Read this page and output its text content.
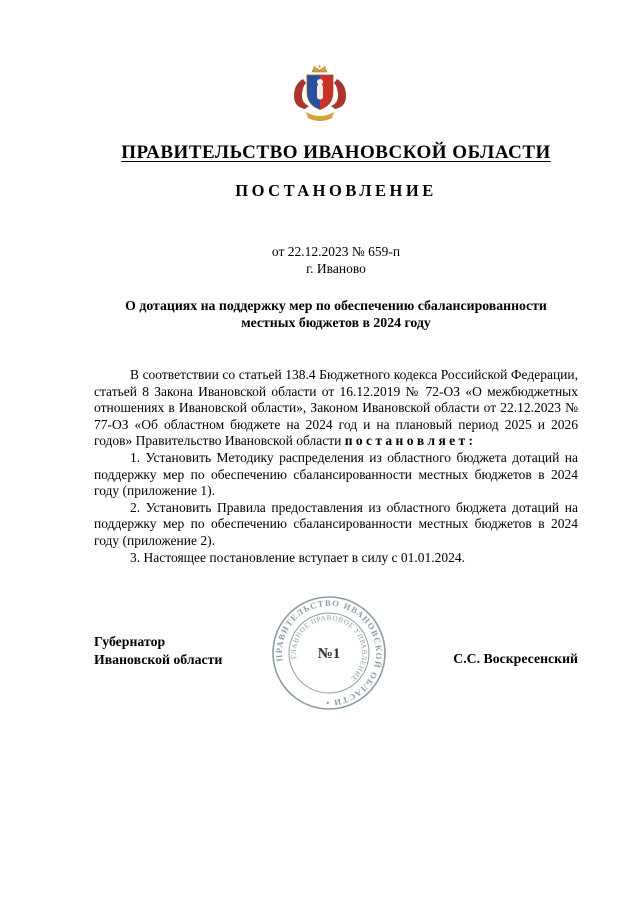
ПРАВИТЕЛЬСТВО ИВАНОВСКОЙ ОБЛАСТИ
ПОСТАНОВЛЕНИЕ
от 22.12.2023 № 659-п
г. Иваново
О дотациях на поддержку мер по обеспечению сбалансированности
местных бюджетов в 2024 году

В соответствии со статьей 138.4 Бюджетного кодекса Российской Федерации, статьей 8 Закона Ивановской области от 16.12.2019 № 72-ОЗ «О межбюджетных отношениях в Ивановской области», Законом Ивановской области от 22.12.2023 № 77-ОЗ «Об областном бюджете на 2024 год и на плановый период 2025 и 2026 годов» Правительство Ивановской области п о с т а н о в л я е т :

1. Установить Методику распределения из областного бюджета дотаций на поддержку мер по обеспечению сбалансированности местных бюджетов в 2024 году (приложение 1).

2. Установить Правила предоставления из областного бюджета дотаций на поддержку мер по обеспечению сбалансированности местных бюджетов в 2024 году (приложение 2).

3. Настоящее постановление вступает в силу с 01.01.2024.

Губернатор
Ивановской области	С.С. Воскресенский
ПРАВИТЕЛЬСТВО ИВАНОВСКОЙ ОБЛАСТИ •
ГЛАВНОЕ ПРАВОВОЕ УПРАВЛЕНИЕ
№1
